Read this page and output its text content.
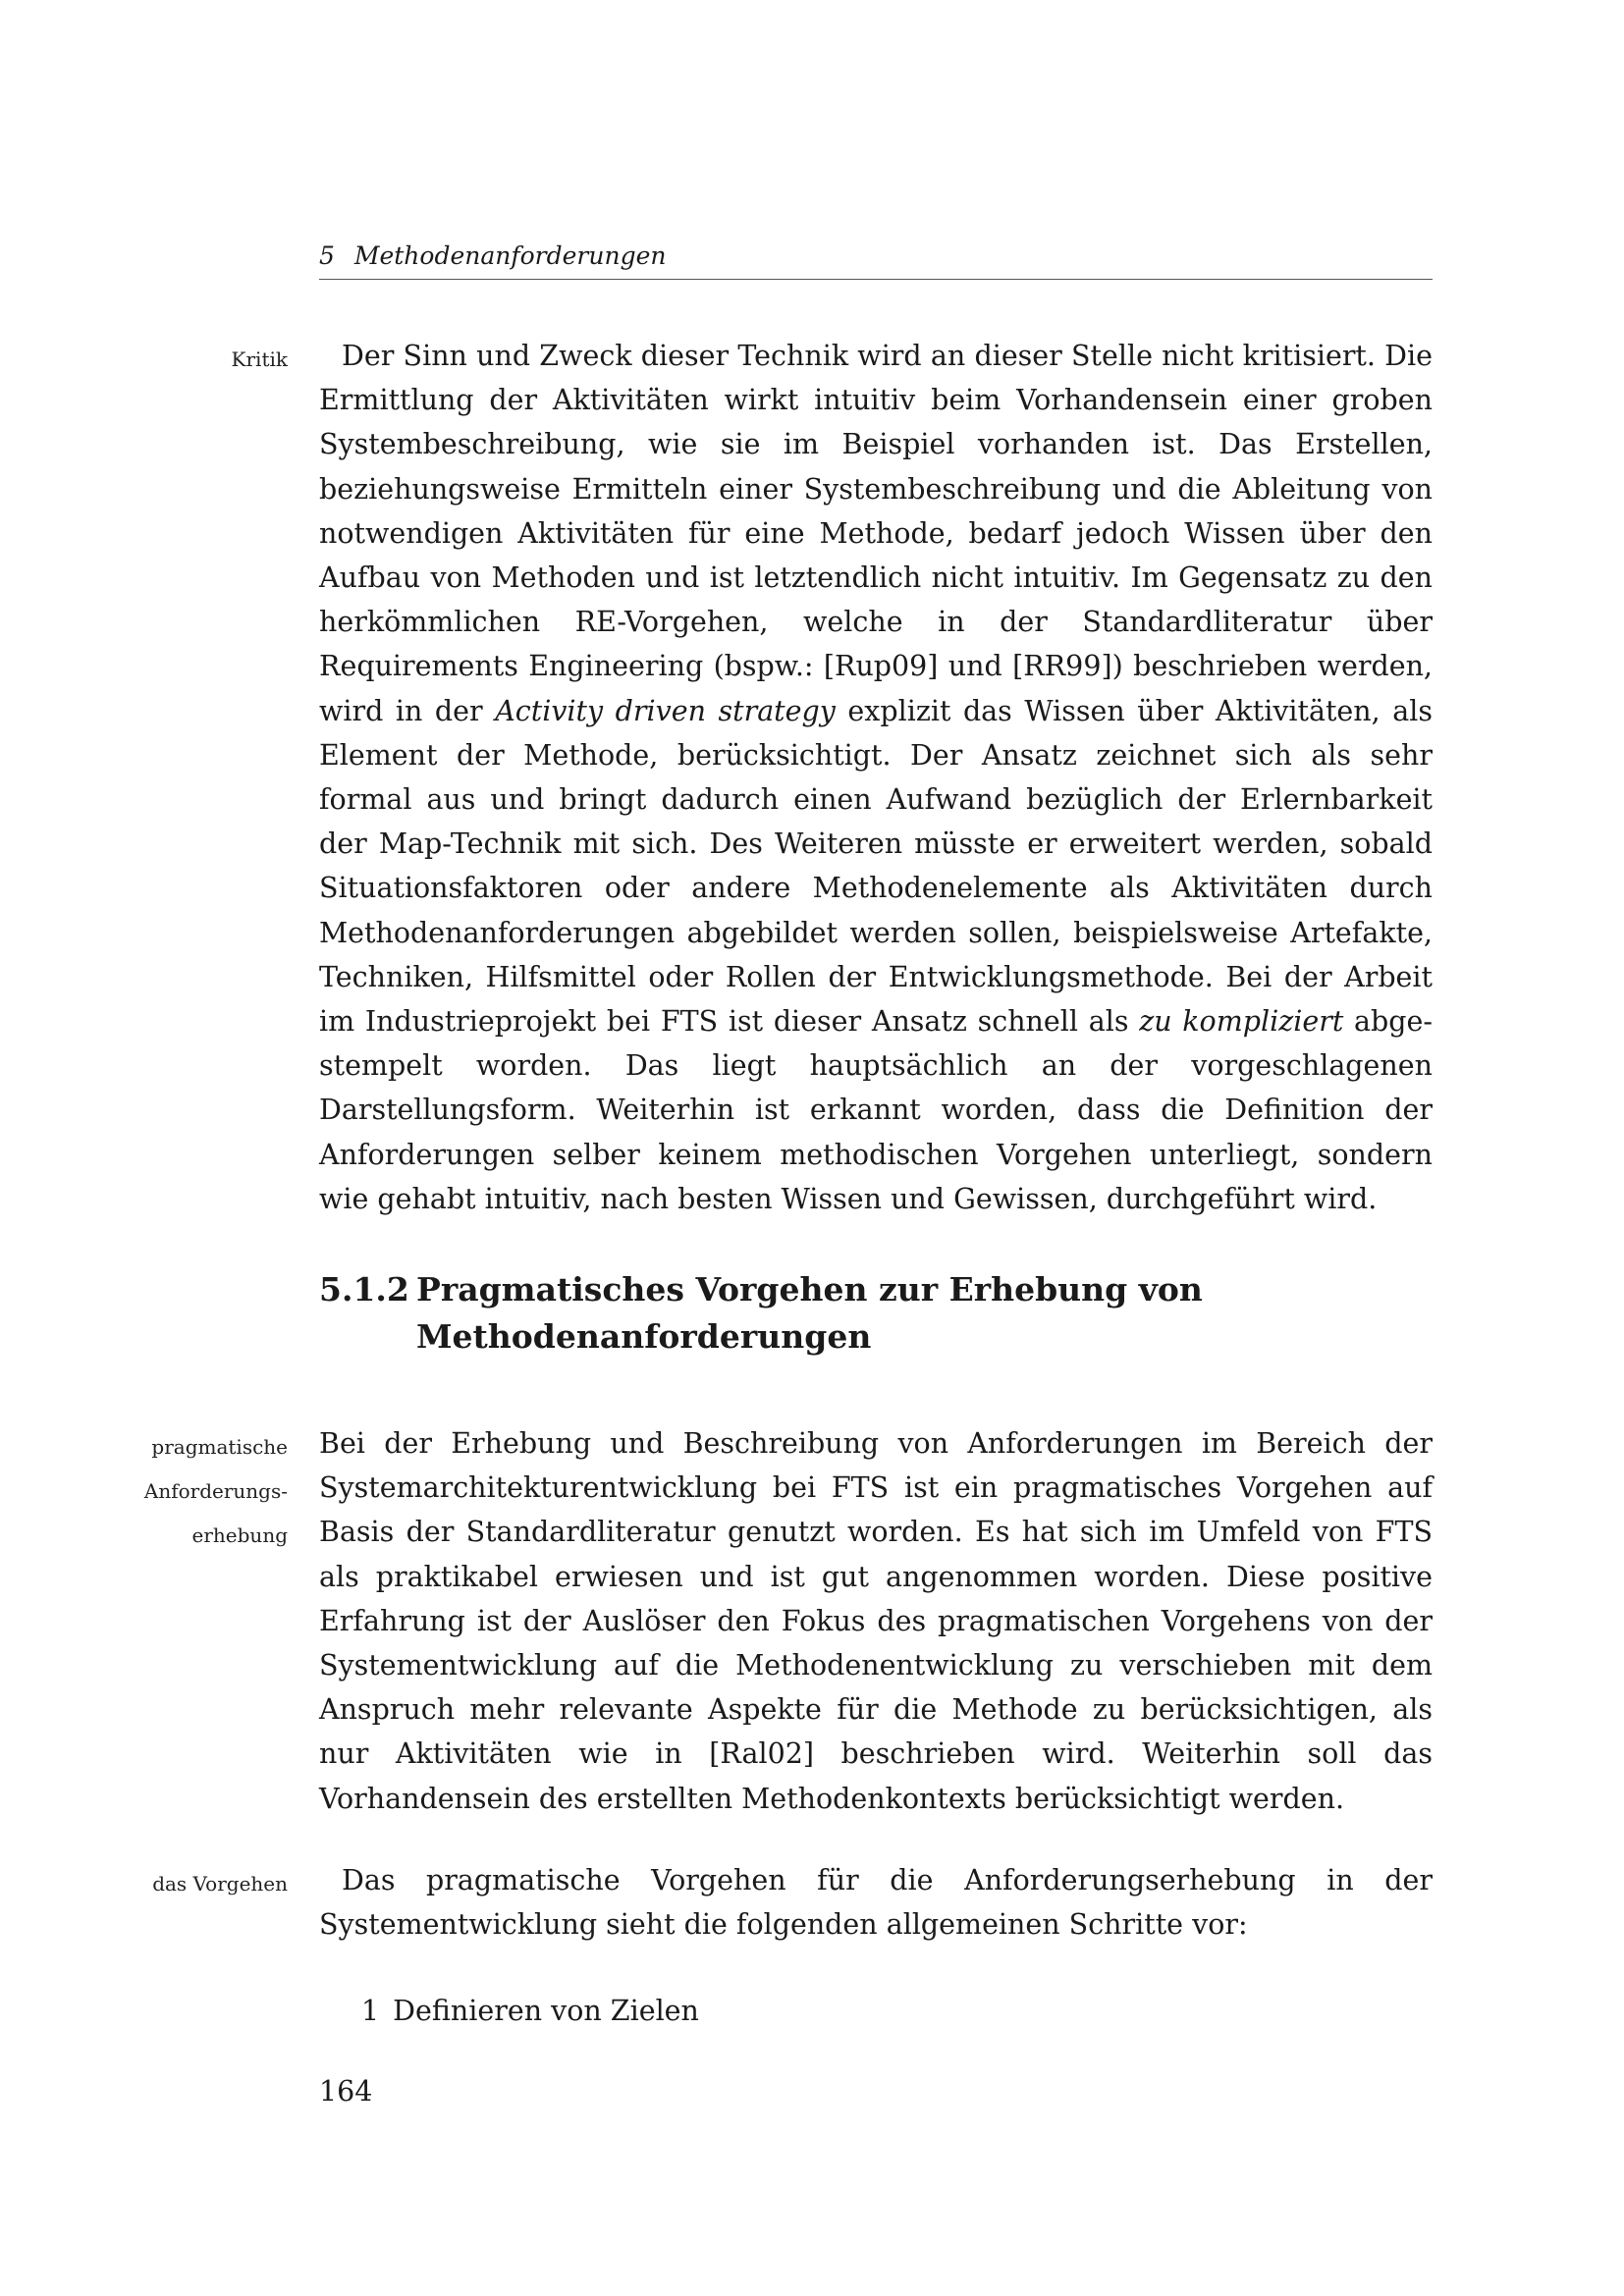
5 Methodenanforderungen
Kritik
pragmatische
Anforderungs-
erhebung
das Vorgehen

Der Sinn und Zweck dieser Technik wird an dieser Stelle nicht kritisiert. Die Ermittlung der Aktivitäten wirkt intuitiv beim Vorhandensein einer groben Systembeschreibung, wie sie im Beispiel vorhanden ist. Das Erstellen, beziehungsweise Ermitteln einer Systembeschreibung und die Ableitung von notwendigen Aktivitäten für eine Methode, bedarf jedoch Wissen über den Aufbau von Methoden und ist letztendlich nicht intuitiv. Im Gegensatz zu den herkömmlichen RE-Vorgehen, welche in der Standardliteratur über Requirements Engineering (bspw.: [Rup09] und [RR99]) beschrieben werden, wird in der Activity driven strategy explizit das Wissen über Aktivitäten, als Element der Methode, berücksichtigt. Der Ansatz zeichnet sich als sehr formal aus und bringt dadurch einen Aufwand bezüglich der Erlernbarkeit der Map-Technik mit sich. Des Weiteren müsste er erweitert werden, sobald Situationsfaktoren oder andere Methodenelemente als Aktivitäten durch Methodenanforderungen abgebildet werden sollen, beispielsweise Artefakte, Techniken, Hilfsmittel oder Rollen der Entwicklungsmethode. Bei der Arbeit im Industrieprojekt bei FTS ist dieser Ansatz schnell als zu kompliziert abgestempelt worden. Das liegt hauptsächlich an der vorgeschlagenen Darstellungsform. Weiterhin ist erkannt worden, dass die Definition der Anforderungen selber keinem methodischen Vorgehen unterliegt, sondern wie gehabt intuitiv, nach besten Wissen und Gewissen, durchgeführt wird.

5.1.2 Pragmatisches Vorgehen zur Erhebung von
Methodenanforderungen

Bei der Erhebung und Beschreibung von Anforderungen im Bereich der Systemarchitekturentwicklung bei FTS ist ein pragmatisches Vorgehen auf Basis der Standardliteratur genutzt worden. Es hat sich im Umfeld von FTS als praktikabel erwiesen und ist gut angenommen worden. Diese positive Erfahrung ist der Auslöser den Fokus des pragmatischen Vorgehens von der Systementwicklung auf die Methodenentwicklung zu verschieben mit dem Anspruch mehr relevante Aspekte für die Methode zu berücksichtigen, als nur Aktivitäten wie in [Ral02] beschrieben wird. Weiterhin soll das Vorhandensein des erstellten Methodenkontexts berücksichtigt werden.

Das pragmatische Vorgehen für die Anforderungserhebung in der Systementwicklung sieht die folgenden allgemeinen Schritte vor:

1 Definieren von Zielen
164
